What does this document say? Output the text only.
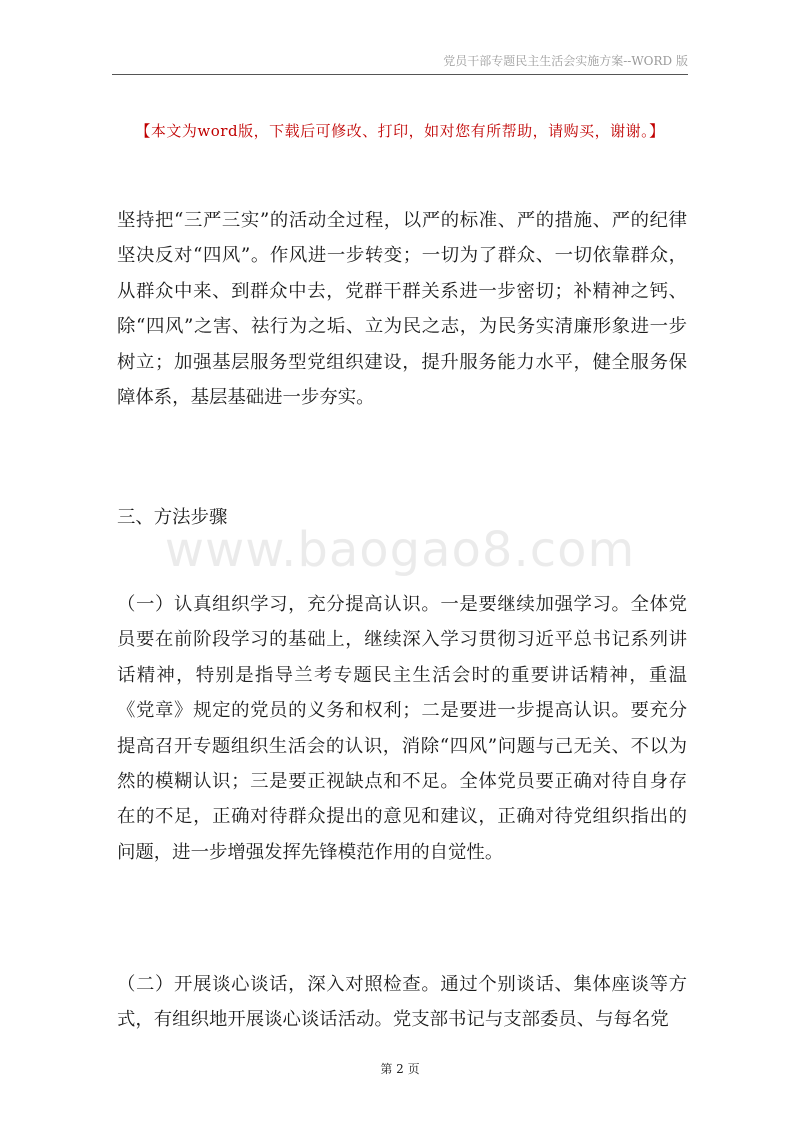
党员干部专题民主生活会实施方案--WORD 版
【本文为word版，下载后可修改、打印，如对您有所帮助，请购买，谢谢。】

坚持把“三严三实”的活动全过程，以严的标准、严的措施、严的纪律坚决反对“四风”。作风进一步转变；一切为了群众、一切依靠群众，从群众中来、到群众中去，党群干群关系进一步密切；补精神之钙、除“四风”之害、祛行为之垢、立为民之志，为民务实清廉形象进一步树立；加强基层服务型党组织建设，提升服务能力水平，健全服务保障体系，基层基础进一步夯实。

三、方法步骤

www.baogao8.com

（一）认真组织学习，充分提高认识。一是要继续加强学习。全体党员要在前阶段学习的基础上，继续深入学习贯彻习近平总书记系列讲话精神，特别是指导兰考专题民主生活会时的重要讲话精神，重温《党章》规定的党员的义务和权利；二是要进一步提高认识。要充分提高召开专题组织生活会的认识，消除“四风”问题与己无关、不以为然的模糊认识；三是要正视缺点和不足。全体党员要正确对待自身存在的不足，正确对待群众提出的意见和建议，正确对待党组织指出的问题，进一步增强发挥先锋模范作用的自觉性。

（二）开展谈心谈话，深入对照检查。通过个别谈话、集体座谈等方式，有组织地开展谈心谈话活动。党支部书记与支部委员、与每名党

第 2 页
